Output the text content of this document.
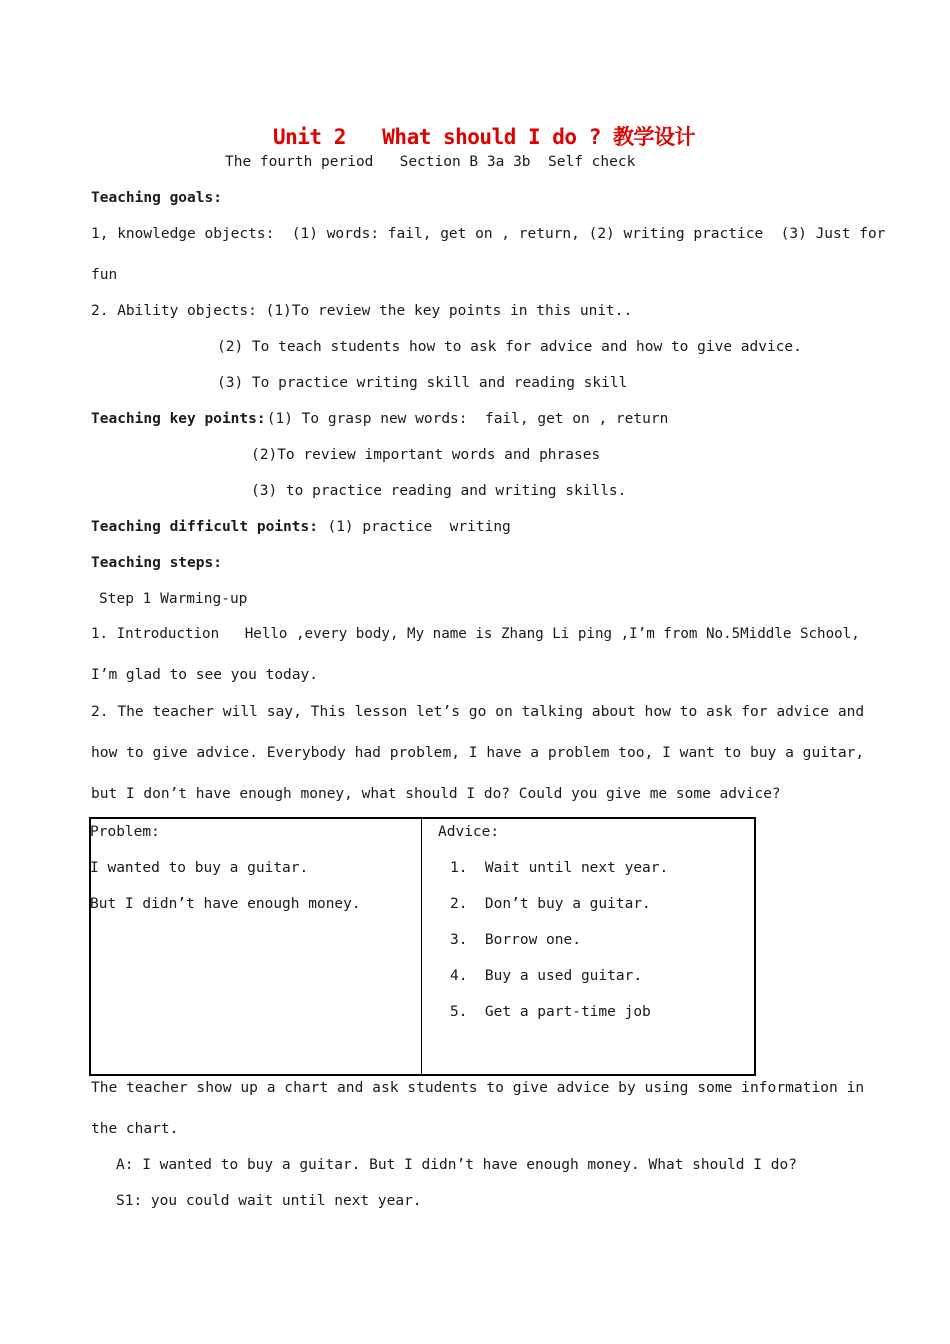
Unit 2   What should I do ? 教学设计
The fourth period   Section B 3a 3b  Self check
Teaching goals:
1, knowledge objects:  (1) words: fail, get on , return, (2) writing practice  (3) Just for
fun
2. Ability objects: (1)To review the key points in this unit..
(2) To teach students how to ask for advice and how to give advice.
(3) To practice writing skill and reading skill
Teaching key points:
(1) To grasp new words:  fail, get on , return
(2)To review important words and phrases
(3) to practice reading and writing skills.
Teaching difficult points:
(1) practice  writing
Teaching steps:
Step 1 Warming-up
1. Introduction   Hello ,every body, My name is Zhang Li ping ,I’m from No.5Middle School,
I’m glad to see you today.
2. The teacher will say, This lesson let’s go on talking about how to ask for advice and
how to give advice. Everybody had problem, I have a problem too, I want to buy a guitar,
but I don’t have enough money, what should I do? Could you give me some advice?
Problem:
I wanted to buy a guitar.
But I didn’t have enough money.
Advice:
1.  Wait until next year.
2.  Don’t buy a guitar.
3.  Borrow one.
4.  Buy a used guitar.
5.  Get a part-time job
The teacher show up a chart and ask students to give advice by using some information in
the chart.
A: I wanted to buy a guitar. But I didn’t have enough money. What should I do?
S1: you could wait until next year.
